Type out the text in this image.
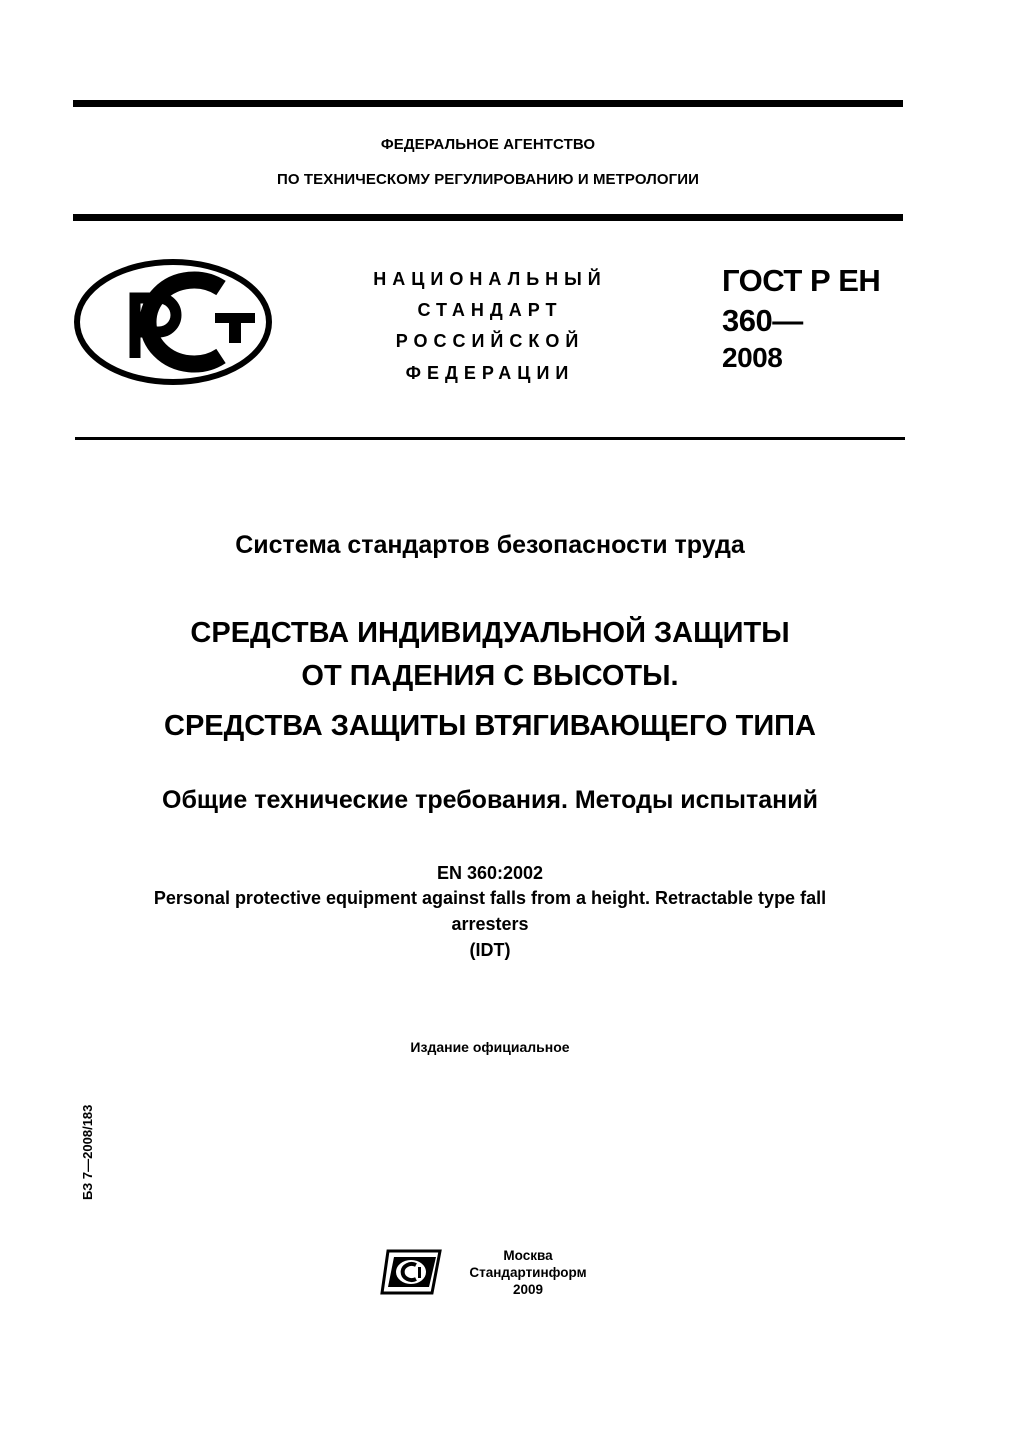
ФЕДЕРАЛЬНОЕ АГЕНТСТВО
ПО ТЕХНИЧЕСКОМУ РЕГУЛИРОВАНИЮ И МЕТРОЛОГИИ
НАЦИОНАЛЬНЫЙ
СТАНДАРТ
РОССИЙСКОЙ
ФЕДЕРАЦИИ
ГОСТ Р ЕН
360—
2008
Система стандартов безопасности труда
СРЕДСТВА ИНДИВИДУАЛЬНОЙ ЗАЩИТЫ
ОТ ПАДЕНИЯ С ВЫСОТЫ.
СРЕДСТВА ЗАЩИТЫ ВТЯГИВАЮЩЕГО ТИПА
Общие технические требования. Методы испытаний
EN 360:2002
Personal protective equipment against falls from a height. Retractable type fall
arresters
(IDT)
Издание официальное
БЗ 7—2008/183
Москва
Стандартинформ
2009
